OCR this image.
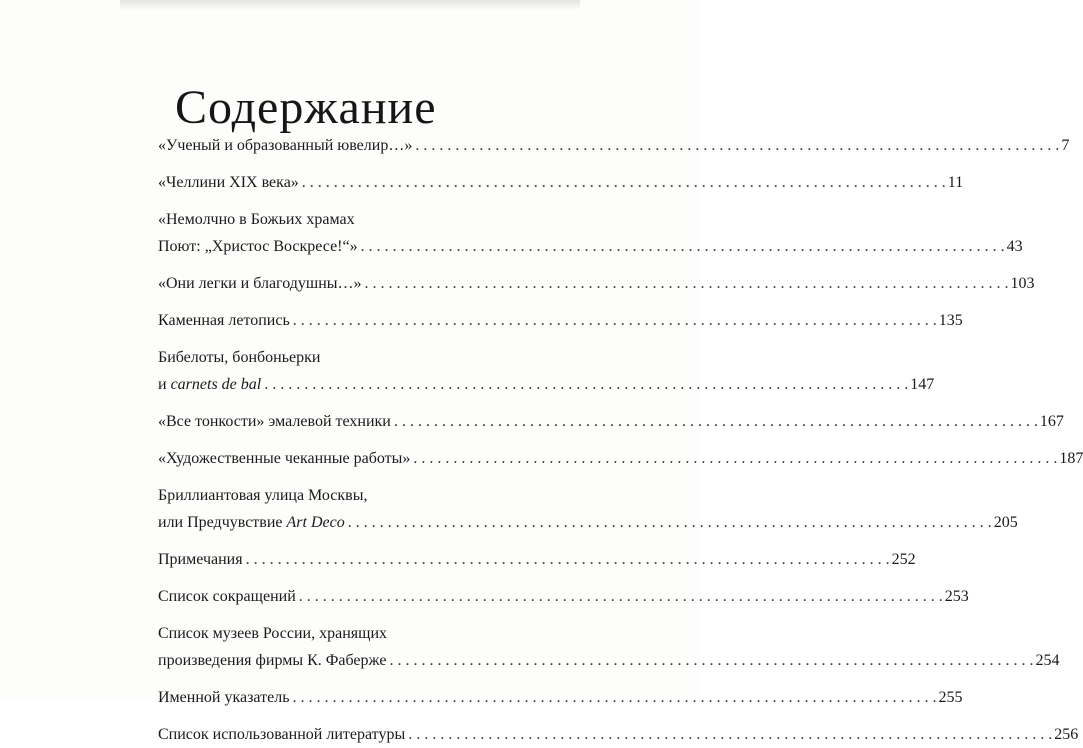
Содержание
«Ученый и образованный ювелир…» . . .	7
«Челлини XIX века» . . .	11
«Немолчно в Божьих храмах
Поют: „Христос Воскресе!“» . . .	43
«Они легки и благодушны…» . . .	103
Каменная летопись . . .	135
Бибелоты, бонбоньерки
и carnets de bal . . .	147
«Все тонкости» эмалевой техники . . .	167
«Художественные чеканные работы» . . .	187
Бриллиантовая улица Москвы,
или Предчувствие Art Deco . . .	205
Примечания . . .	252
Список сокращений . . .	253
Список музеев России, хранящих
произведения фирмы К. Фаберже . . .	254
Именной указатель . . .	255
Список использованной литературы . . .	256
